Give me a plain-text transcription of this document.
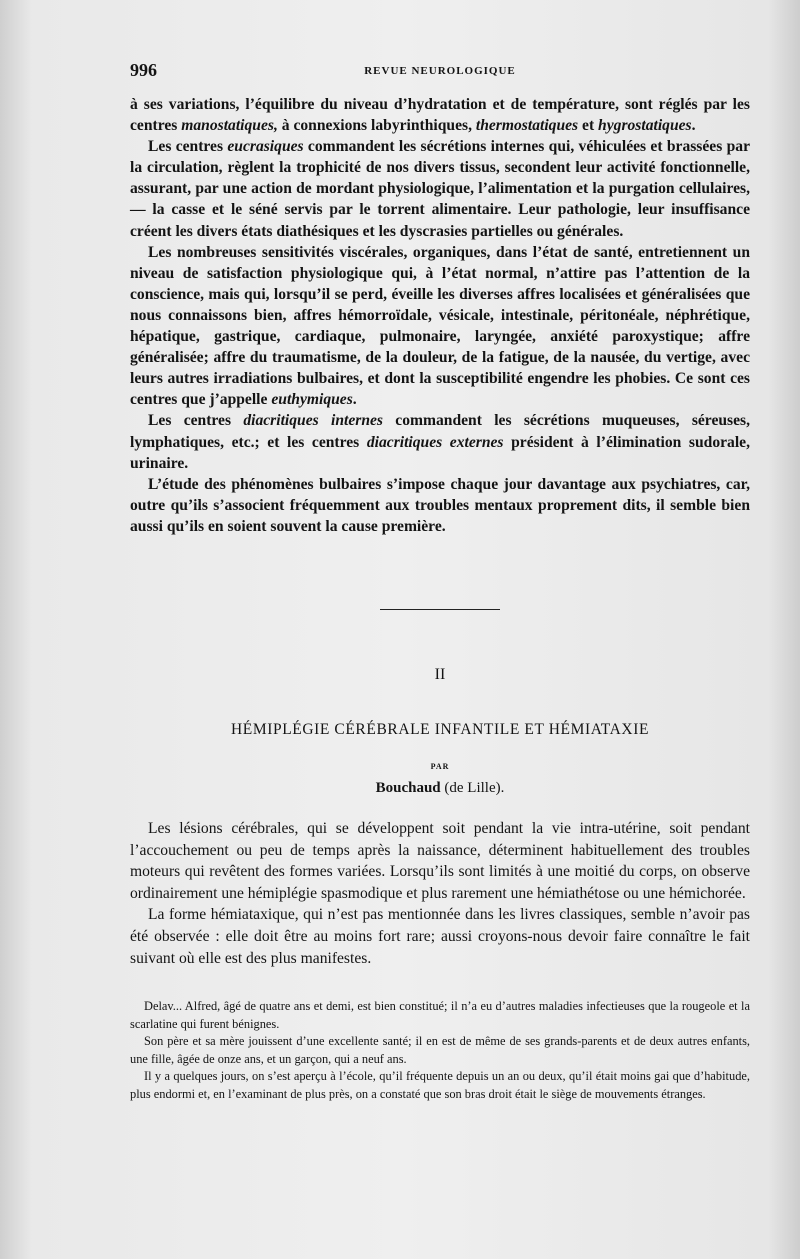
996	REVUE NEUROLOGIQUE

à ses variations, l’équilibre du niveau d’hydratation et de température, sont réglés par les centres manostatiques, à connexions labyrinthiques, thermostatiques et hygrostatiques.

Les centres eucrasiques commandent les sécrétions internes qui, véhiculées et brassées par la circulation, règlent la trophicité de nos divers tissus, secondent leur activité fonctionnelle, assurant, par une action de mordant physiologique, l’alimentation et la purgation cellulaires, — la casse et le séné servis par le torrent alimentaire. Leur pathologie, leur insuffisance créent les divers états diathésiques et les dyscrasies partielles ou générales.

Les nombreuses sensitivités viscérales, organiques, dans l’état de santé, entretiennent un niveau de satisfaction physiologique qui, à l’état normal, n’attire pas l’attention de la conscience, mais qui, lorsqu’il se perd, éveille les diverses affres localisées et généralisées que nous connaissons bien, affres hémorroïdale, vésicale, intestinale, péritonéale, néphrétique, hépatique, gastrique, cardiaque, pulmonaire, laryngée, anxiété paroxystique; affre généralisée; affre du traumatisme, de la douleur, de la fatigue, de la nausée, du vertige, avec leurs autres irradiations bulbaires, et dont la susceptibilité engendre les phobies. Ce sont ces centres que j’appelle euthymiques.

Les centres diacritiques internes commandent les sécrétions muqueuses, séreuses, lymphatiques, etc.; et les centres diacritiques externes président à l’élimination sudorale, urinaire.

L’étude des phénomènes bulbaires s’impose chaque jour davantage aux psychiatres, car, outre qu’ils s’associent fréquemment aux troubles mentaux proprement dits, il semble bien aussi qu’ils en soient souvent la cause première.

II
HÉMIPLÉGIE CÉRÉBRALE INFANTILE ET HÉMIATAXIE
PAR
Bouchaud (de Lille).

Les lésions cérébrales, qui se développent soit pendant la vie intra-utérine, soit pendant l’accouchement ou peu de temps après la naissance, déterminent habituellement des troubles moteurs qui revêtent des formes variées. Lorsqu’ils sont limités à une moitié du corps, on observe ordinairement une hémiplégie spasmodique et plus rarement une hémiathétose ou une hémichorée.

La forme hémiataxique, qui n’est pas mentionnée dans les livres classiques, semble n’avoir pas été observée : elle doit être au moins fort rare; aussi croyons-nous devoir faire connaître le fait suivant où elle est des plus manifestes.

Delav... Alfred, âgé de quatre ans et demi, est bien constitué; il n’a eu d’autres maladies infectieuses que la rougeole et la scarlatine qui furent bénignes.

Son père et sa mère jouissent d’une excellente santé; il en est de même de ses grands-parents et de deux autres enfants, une fille, âgée de onze ans, et un garçon, qui a neuf ans.

Il y a quelques jours, on s’est aperçu à l’école, qu’il fréquente depuis un an ou deux, qu’il était moins gai que d’habitude, plus endormi et, en l’examinant de plus près, on a constaté que son bras droit était le siège de mouvements étranges.
